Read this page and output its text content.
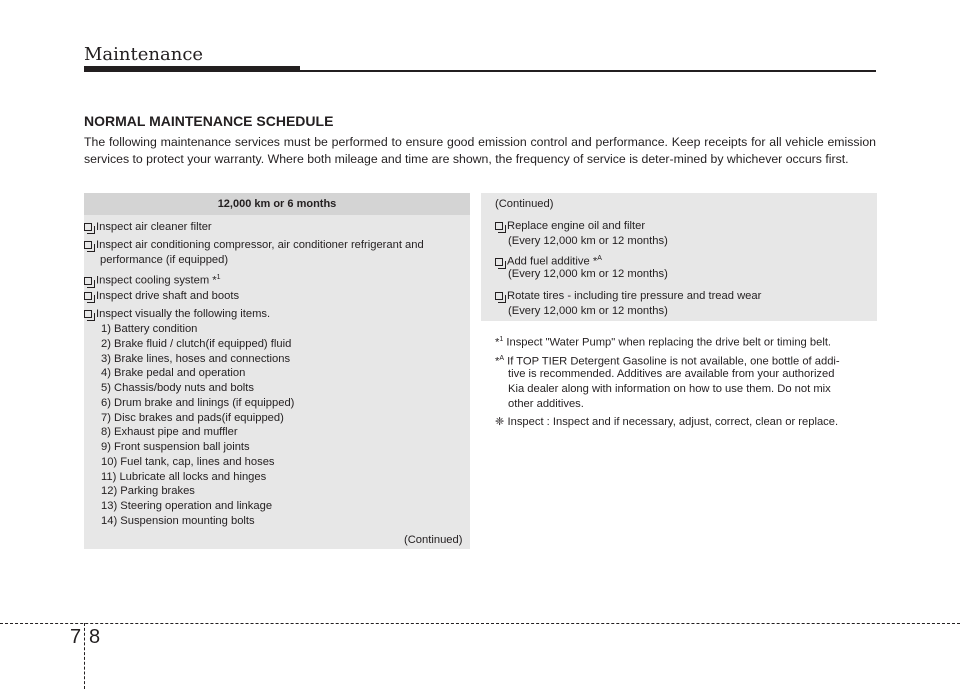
Maintenance
NORMAL MAINTENANCE SCHEDULE
The following maintenance services must be performed to ensure good emission control and performance. Keep receipts for all vehicle emission services to protect your warranty. Where both mileage and time are shown, the frequency of service is deter-mined by whichever occurs first.
12,000 km or 6 months
Inspect air cleaner filter
Inspect air conditioning compressor, air conditioner refrigerant and
performance (if equipped)
Inspect cooling system *$^1$
Inspect drive shaft and boots
Inspect visually the following items.
1) Battery condition
2) Brake fluid / clutch(if equipped) fluid
3) Brake lines, hoses and connections
4) Brake pedal and operation
5) Chassis/body nuts and bolts
6) Drum brake and linings (if equipped)
7) Disc brakes and pads(if equipped)
8) Exhaust pipe and muffler
9) Front suspension ball joints
10) Fuel tank, cap, lines and hoses
11) Lubricate all locks and hinges
12) Parking brakes
13) Steering operation and linkage
14) Suspension mounting bolts
(Continued)
(Continued)
Replace engine oil and filter
(Every 12,000 km or 12 months)
Add fuel additive *$^A$
(Every 12,000 km or 12 months)
Rotate tires - including tire pressure and tread wear
(Every 12,000 km or 12 months)
*$^1$ Inspect "Water Pump" when replacing the drive belt or timing belt.
*$^A$ If TOP TIER Detergent Gasoline is not available, one bottle of addi-
tive is recommended. Additives are available from your authorized
Kia dealer along with information on how to use them. Do not mix
other additives.
❈ Inspect : Inspect and if necessary, adjust, correct, clean or replace.
7 8
